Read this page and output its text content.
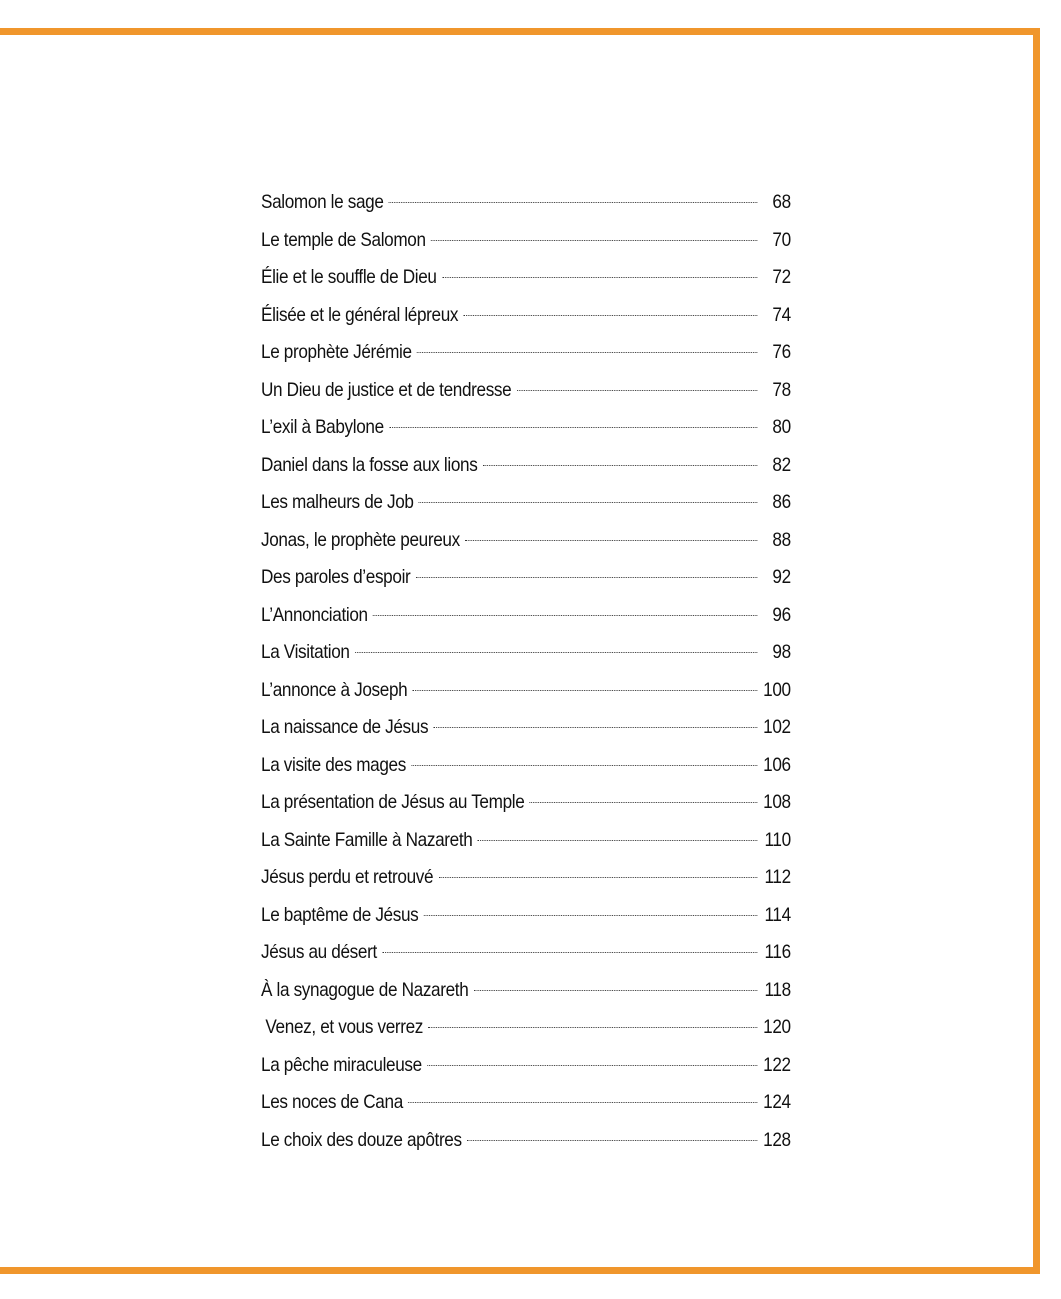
Salomon le sage	68
Le temple de Salomon	70
Élie et le souffle de Dieu	72
Élisée et le général lépreux	74
Le prophète Jérémie	76
Un Dieu de justice et de tendresse	78
L’exil à Babylone	80
Daniel dans la fosse aux lions	82
Les malheurs de Job	86
Jonas, le prophète peureux	88
Des paroles d’espoir	92
L’Annonciation	96
La Visitation	98
L’annonce à Joseph	100
La naissance de Jésus	102
La visite des mages	106
La présentation de Jésus au Temple	108
La Sainte Famille à Nazareth	110
Jésus perdu et retrouvé	112
Le baptême de Jésus	114
Jésus au désert	116
À la synagogue de Nazareth	118
Venez, et vous verrez	120
La pêche miraculeuse	122
Les noces de Cana	124
Le choix des douze apôtres	128
